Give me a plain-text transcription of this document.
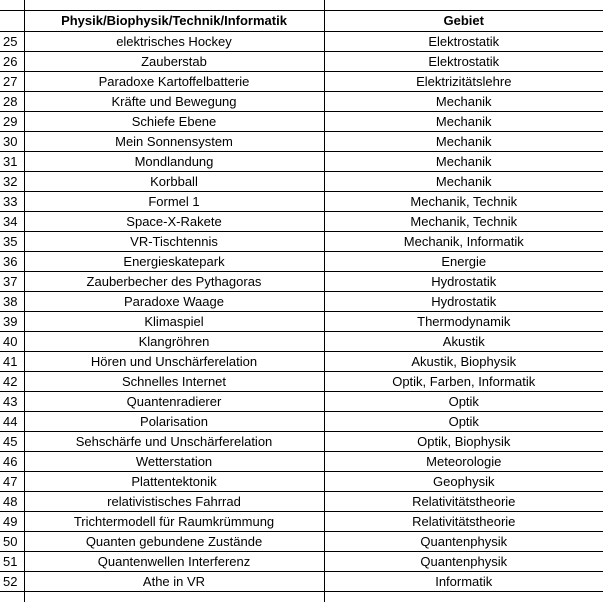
	Physik/Biophysik/Technik/Informatik	Gebiet
25	elektrisches Hockey	Elektrostatik
26	Zauberstab	Elektrostatik
27	Paradoxe Kartoffelbatterie	Elektrizitätslehre
28	Kräfte und Bewegung	Mechanik
29	Schiefe Ebene	Mechanik
30	Mein Sonnensystem	Mechanik
31	Mondlandung	Mechanik
32	Korbball	Mechanik
33	Formel 1	Mechanik, Technik
34	Space-X-Rakete	Mechanik, Technik
35	VR-Tischtennis	Mechanik, Informatik
36	Energieskatepark	Energie
37	Zauberbecher des Pythagoras	Hydrostatik
38	Paradoxe Waage	Hydrostatik
39	Klimaspiel	Thermodynamik
40	Klangröhren	Akustik
41	Hören und Unschärferelation	Akustik, Biophysik
42	Schnelles Internet	Optik, Farben, Informatik
43	Quantenradierer	Optik
44	Polarisation	Optik
45	Sehschärfe und Unschärferelation	Optik, Biophysik
46	Wetterstation	Meteorologie
47	Plattentektonik	Geophysik
48	relativistisches Fahrrad	Relativitätstheorie
49	Trichtermodell für Raumkrümmung	Relativitätstheorie
50	Quanten gebundene Zustände	Quantenphysik
51	Quantenwellen Interferenz	Quantenphysik
52	Athe in VR	Informatik
